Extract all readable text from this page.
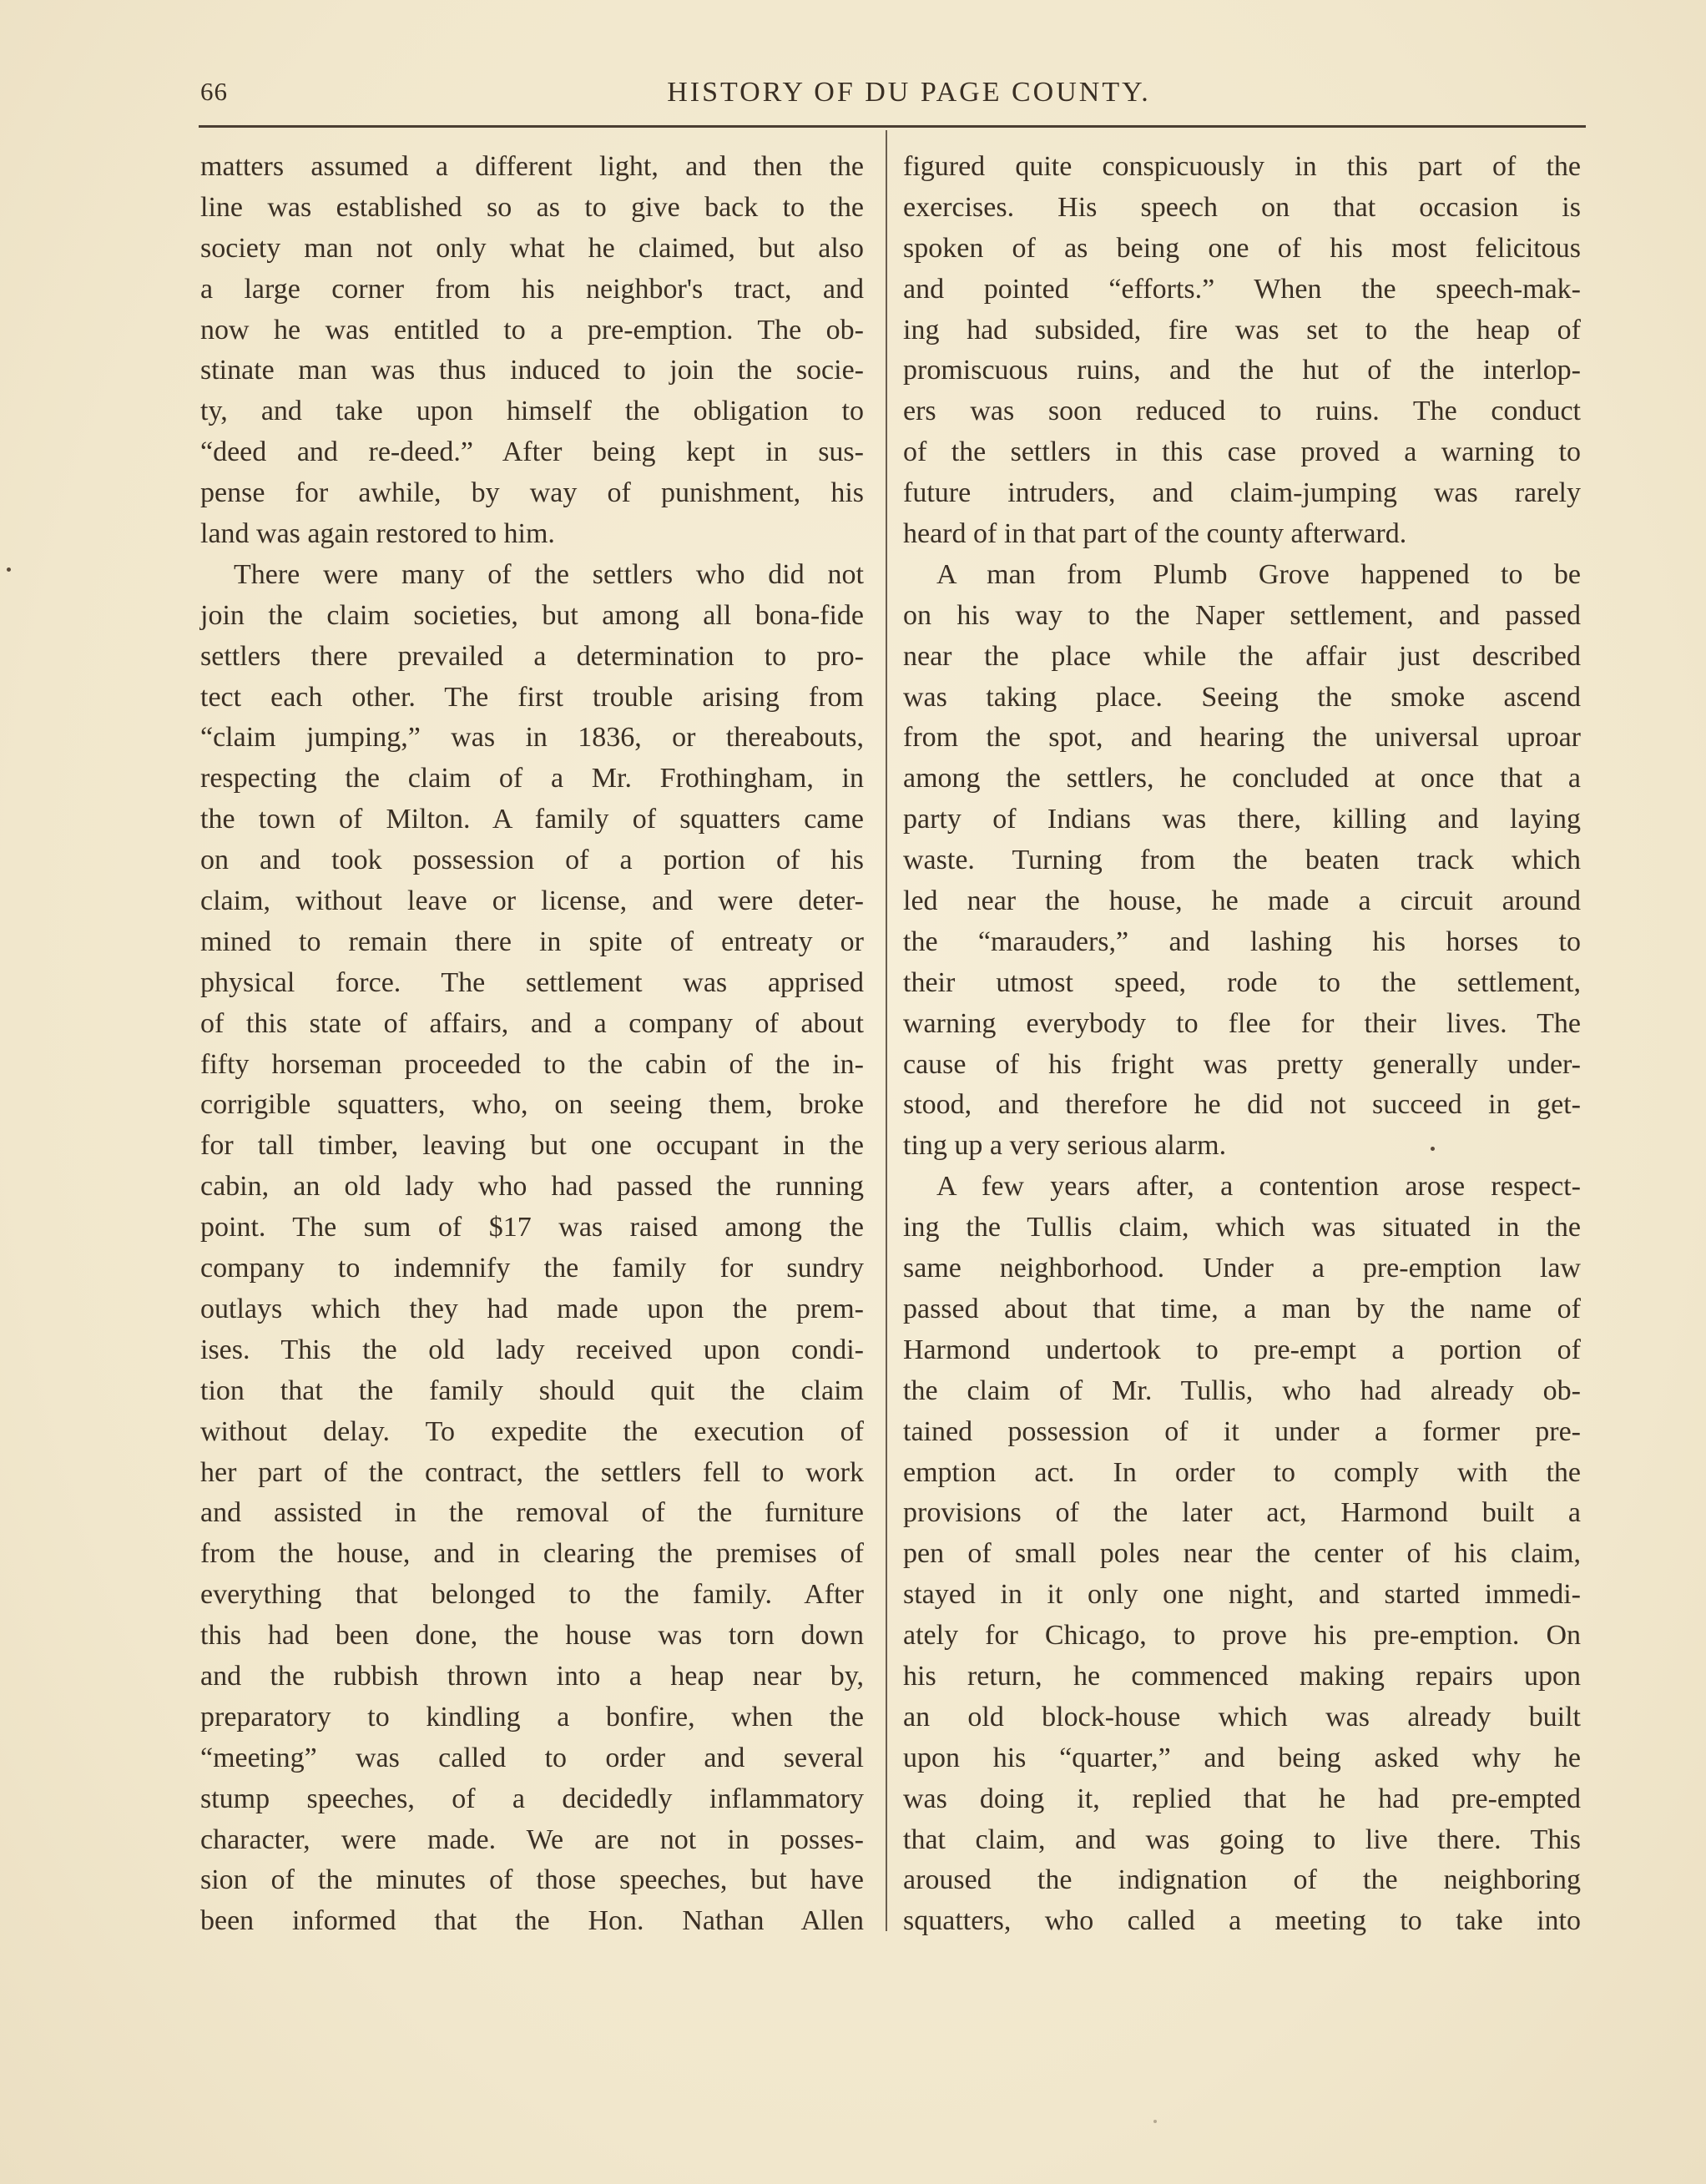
66	HISTORY OF DU PAGE COUNTY.
matters assumed a different light, and then the
line was established so as to give back to the
society man not only what he claimed, but also
a large corner from his neighbor's tract, and
now he was entitled to a pre-emption. The ob-
stinate man was thus induced to join the socie-
ty, and take upon himself the obligation to
“deed and re-deed.” After being kept in sus-
pense for awhile, by way of punishment, his
land was again restored to him.
There were many of the settlers who did not
join the claim societies, but among all bona-fide
settlers there prevailed a determination to pro-
tect each other. The first trouble arising from
“claim jumping,” was in 1836, or thereabouts,
respecting the claim of a Mr. Frothingham, in
the town of Milton. A family of squatters came
on and took possession of a portion of his
claim, without leave or license, and were deter-
mined to remain there in spite of entreaty or
physical force. The settlement was apprised
of this state of affairs, and a company of about
fifty horseman proceeded to the cabin of the in-
corrigible squatters, who, on seeing them, broke
for tall timber, leaving but one occupant in the
cabin, an old lady who had passed the running
point. The sum of $17 was raised among the
company to indemnify the family for sundry
outlays which they had made upon the prem-
ises. This the old lady received upon condi-
tion that the family should quit the claim
without delay. To expedite the execution of
her part of the contract, the settlers fell to work
and assisted in the removal of the furniture
from the house, and in clearing the premises of
everything that belonged to the family. After
this had been done, the house was torn down
and the rubbish thrown into a heap near by,
preparatory to kindling a bonfire, when the
“meeting” was called to order and several
stump speeches, of a decidedly inflammatory
character, were made. We are not in posses-
sion of the minutes of those speeches, but have
been informed that the Hon. Nathan Allen
figured quite conspicuously in this part of the
exercises. His speech on that occasion is
spoken of as being one of his most felicitous
and pointed “efforts.” When the speech-mak-
ing had subsided, fire was set to the heap of
promiscuous ruins, and the hut of the interlop-
ers was soon reduced to ruins. The conduct
of the settlers in this case proved a warning to
future intruders, and claim-jumping was rarely
heard of in that part of the county afterward.
A man from Plumb Grove happened to be
on his way to the Naper settlement, and passed
near the place while the affair just described
was taking place. Seeing the smoke ascend
from the spot, and hearing the universal uproar
among the settlers, he concluded at once that a
party of Indians was there, killing and laying
waste. Turning from the beaten track which
led near the house, he made a circuit around
the “marauders,” and lashing his horses to
their utmost speed, rode to the settlement,
warning everybody to flee for their lives. The
cause of his fright was pretty generally under-
stood, and therefore he did not succeed in get-
ting up a very serious alarm.
A few years after, a contention arose respect-
ing the Tullis claim, which was situated in the
same neighborhood. Under a pre-emption law
passed about that time, a man by the name of
Harmond undertook to pre-empt a portion of
the claim of Mr. Tullis, who had already ob-
tained possession of it under a former pre-
emption act. In order to comply with the
provisions of the later act, Harmond built a
pen of small poles near the center of his claim,
stayed in it only one night, and started immedi-
ately for Chicago, to prove his pre-emption. On
his return, he commenced making repairs upon
an old block-house which was already built
upon his “quarter,” and being asked why he
was doing it, replied that he had pre-empted
that claim, and was going to live there. This
aroused the indignation of the neighboring
squatters, who called a meeting to take into
